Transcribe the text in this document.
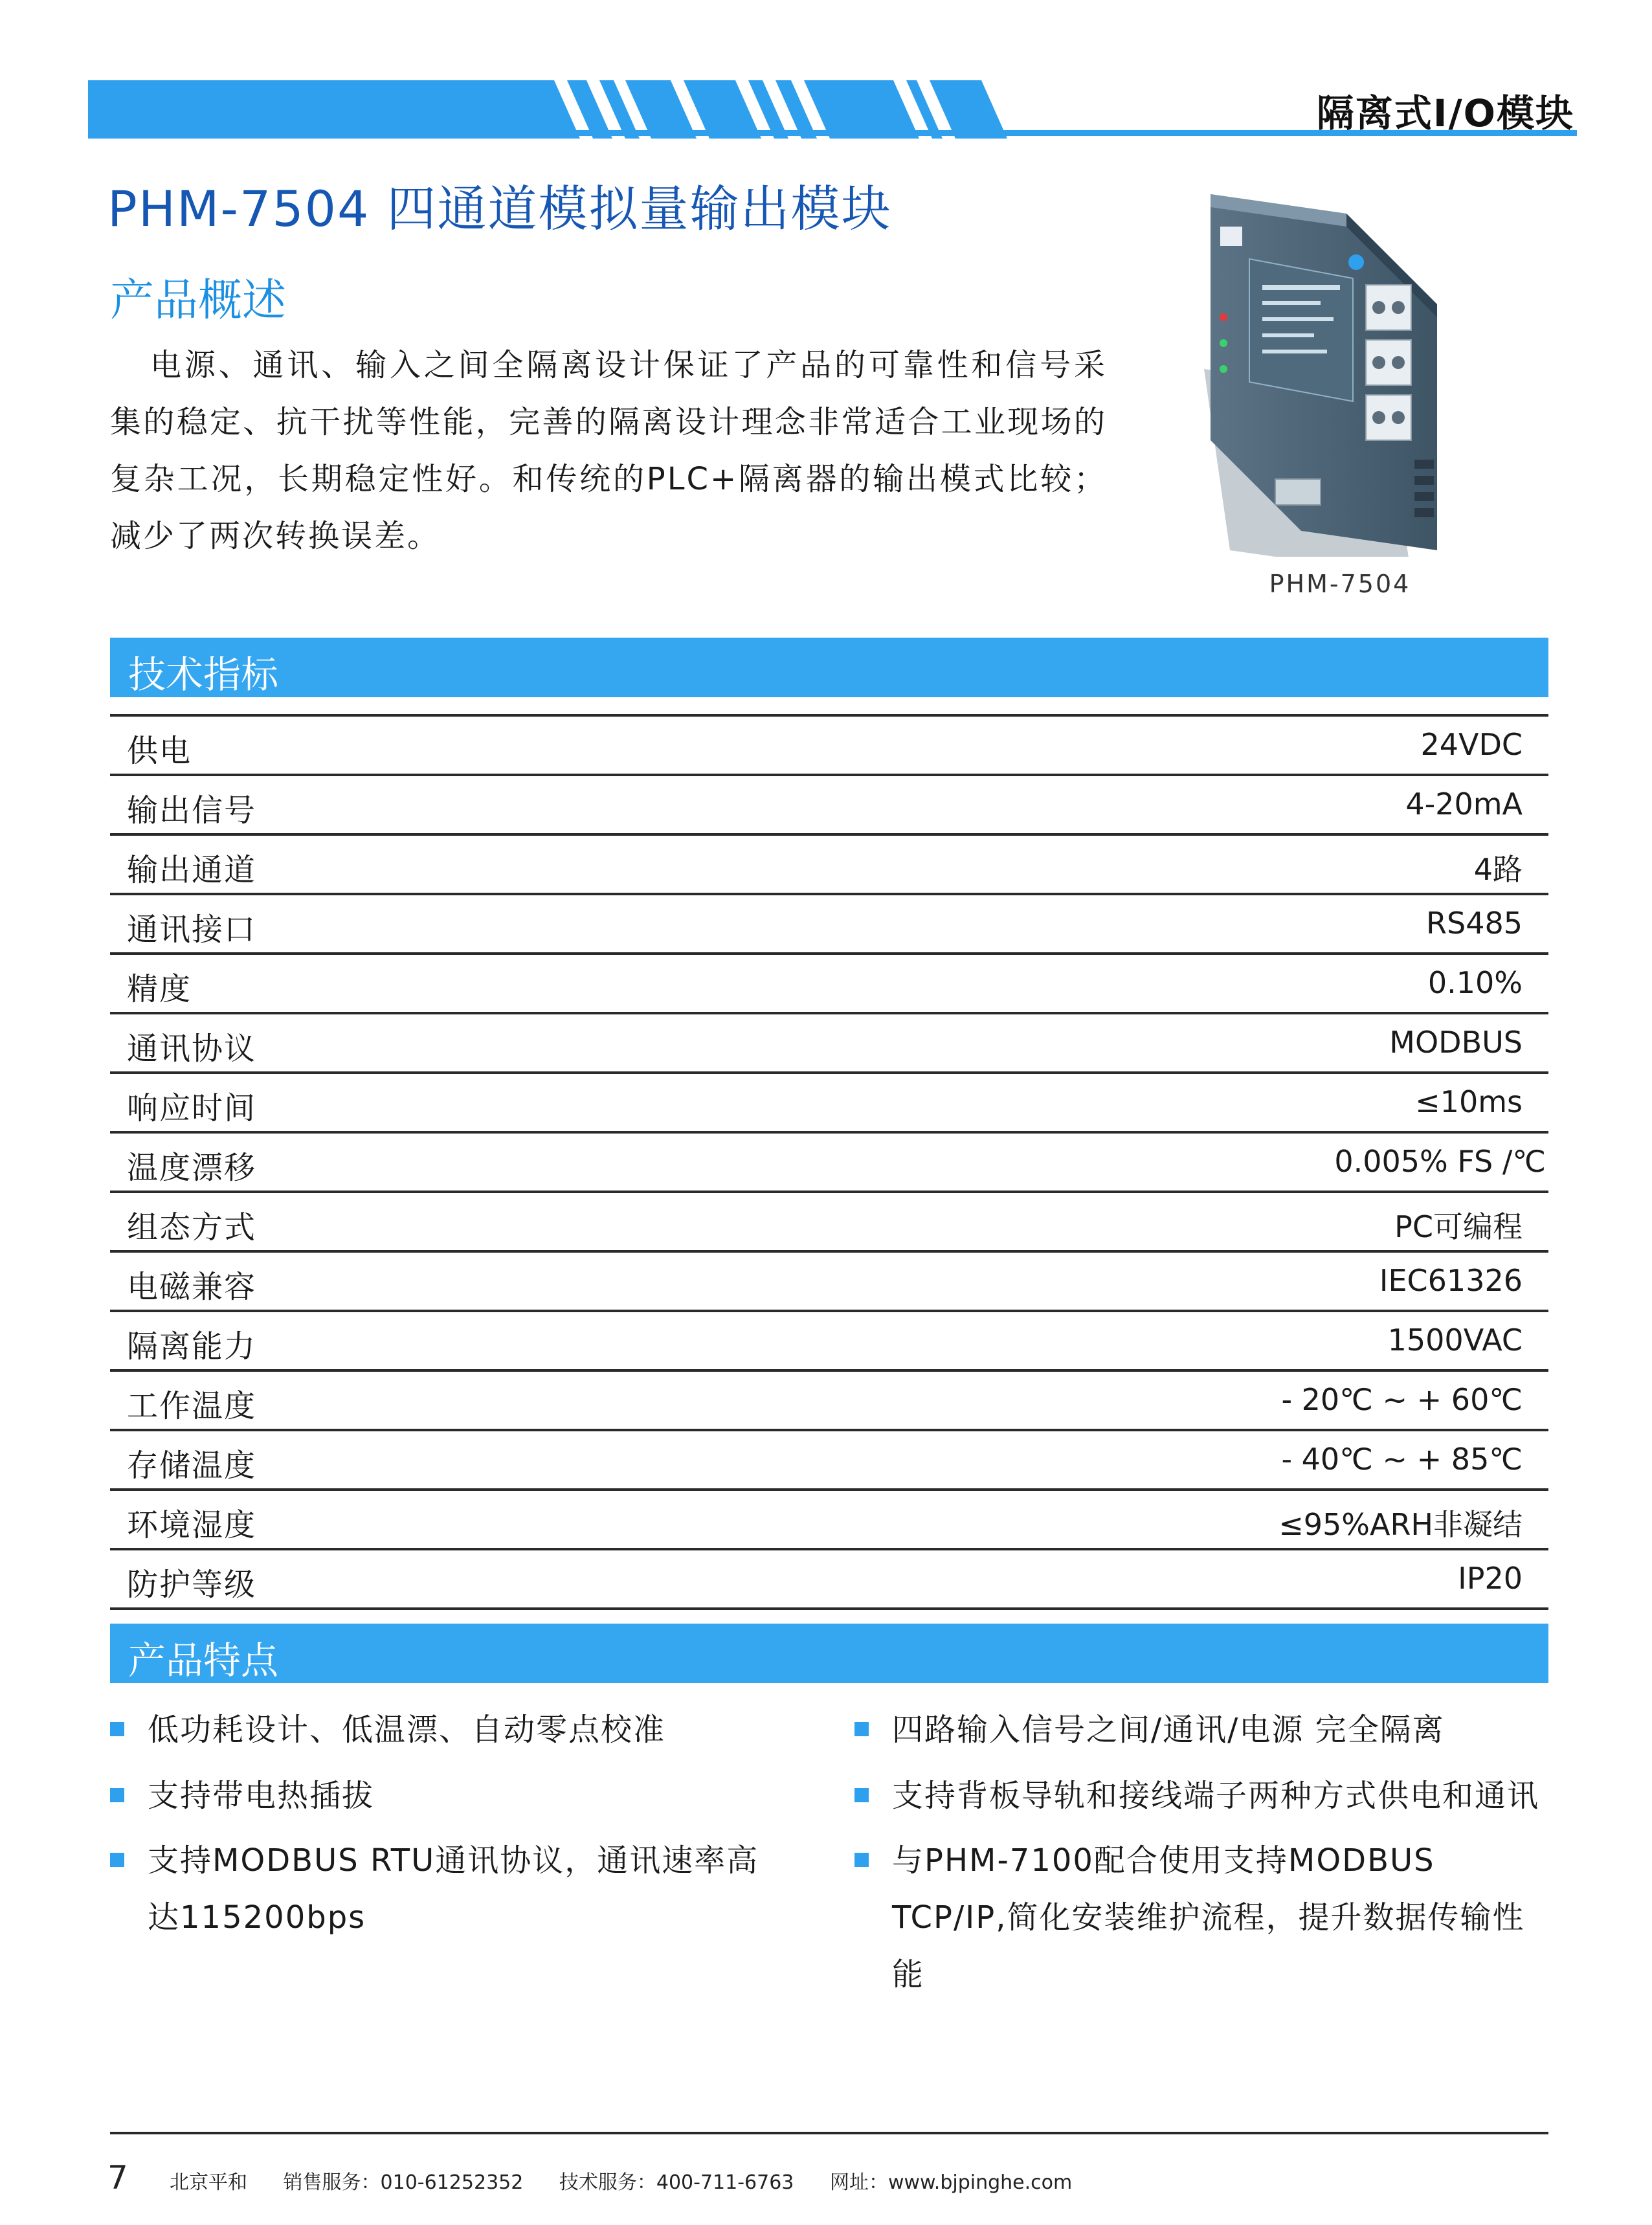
隔离式I/O模块
PHM-7504 四通道模拟量输出模块
产品概述
电源、通讯、输入之间全隔离设计保证了产品的可靠性和信号采集的稳定、抗干扰等性能，完善的隔离设计理念非常适合工业现场的复杂工况，长期稳定性好。和传统的PLC+隔离器的输出模式比较；减少了两次转换误差。
PHM-7504
技术指标
供电	24VDC
输出信号	4-20mA
输出通道	4路
通讯接口	RS485
精度	0.10%
通讯协议	MODBUS
响应时间	≤10ms
温度漂移	0.005% FS /℃
组态方式	PC可编程
电磁兼容	IEC61326
隔离能力	1500VAC
工作温度	- 20℃ ~ + 60℃
存储温度	- 40℃ ~ + 85℃
环境湿度	≤95%ARH非凝结
防护等级	IP20
产品特点
低功耗设计、低温漂、自动零点校准	四路输入信号之间/通讯/电源 完全隔离
支持带电热插拔	支持背板导轨和接线端子两种方式供电和通讯
支持MODBUS RTU通讯协议，通讯速率高达115200bps
与PHM-7100配合使用支持MODBUS TCP/IP,简化安装维护流程，提升数据传输性能
7 北京平和 销售服务：010-61252352 技术服务：400-711-6763 网址：www.bjpinghe.com
